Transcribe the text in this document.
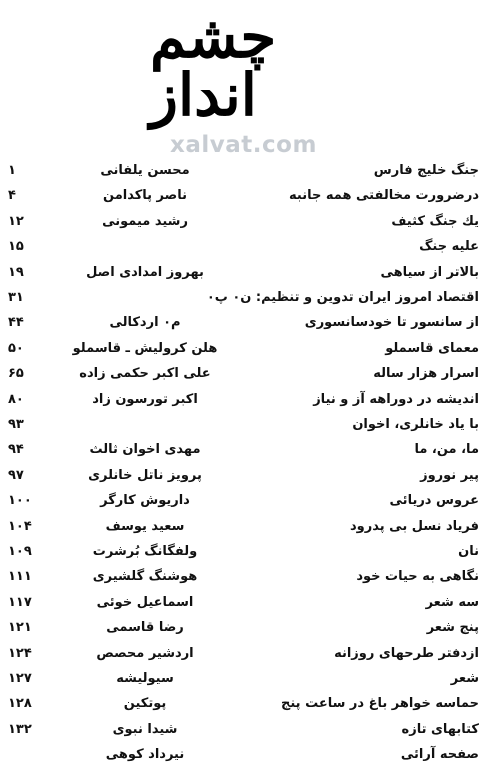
چشم انداز
xalvat.com
جنگ خلیج فارس
محسن یلفانی
۱
درضرورت مخالفتی همه جانبه
ناصر پاکدامن
۴
یك جنگ كثیف
رشید میمونی
۱۲
علیه جنگ
۱۵
بالاتر از سیاهی
بهروز امدادی اصل
۱۹
اقتصاد امروز ایران تدوین و تنظیم: ن٠ پ٠
۳۱
از سانسور تا خودسانسوری
م٠ اردکالی
۴۴
معمای قاسملو
هلن کرولیش ـ قاسملو
۵۰
اسرار هزار ساله
علی اکبر حکمی زاده
۶۵
اندیشه در دوراهه آز و نیاز
اکبر تورسون زاد
۸۰
با یاد خانلری، اخوان
۹۳
ما، من، ما
مهدی اخوان ثالث
۹۴
پیر نوروز
پرویز ناتل خانلری
۹۷
عروس دریائی
داریوش کارگر
۱۰۰
فریاد نسل بی پدرود
سعید یوسف
۱۰۴
نان
ولفگانگ بُرشرت
۱۰۹
نگاهی به حیات خود
هوشنگ گلشیری
۱۱۱
سه شعر
اسماعیل خوئی
۱۱۷
پنج شعر
رضا قاسمی
۱۲۱
ازدفتر طرحهای روزانه
اردشیر محصص
۱۲۴
شعر
سیولیشه
۱۲۷
حماسه خواهر باغ در ساعت پنج
پوتکین
۱۲۸
کتابهای تازه
شیدا نبوی
۱۳۲
صفحه آرائی
نیرداد کوهی
